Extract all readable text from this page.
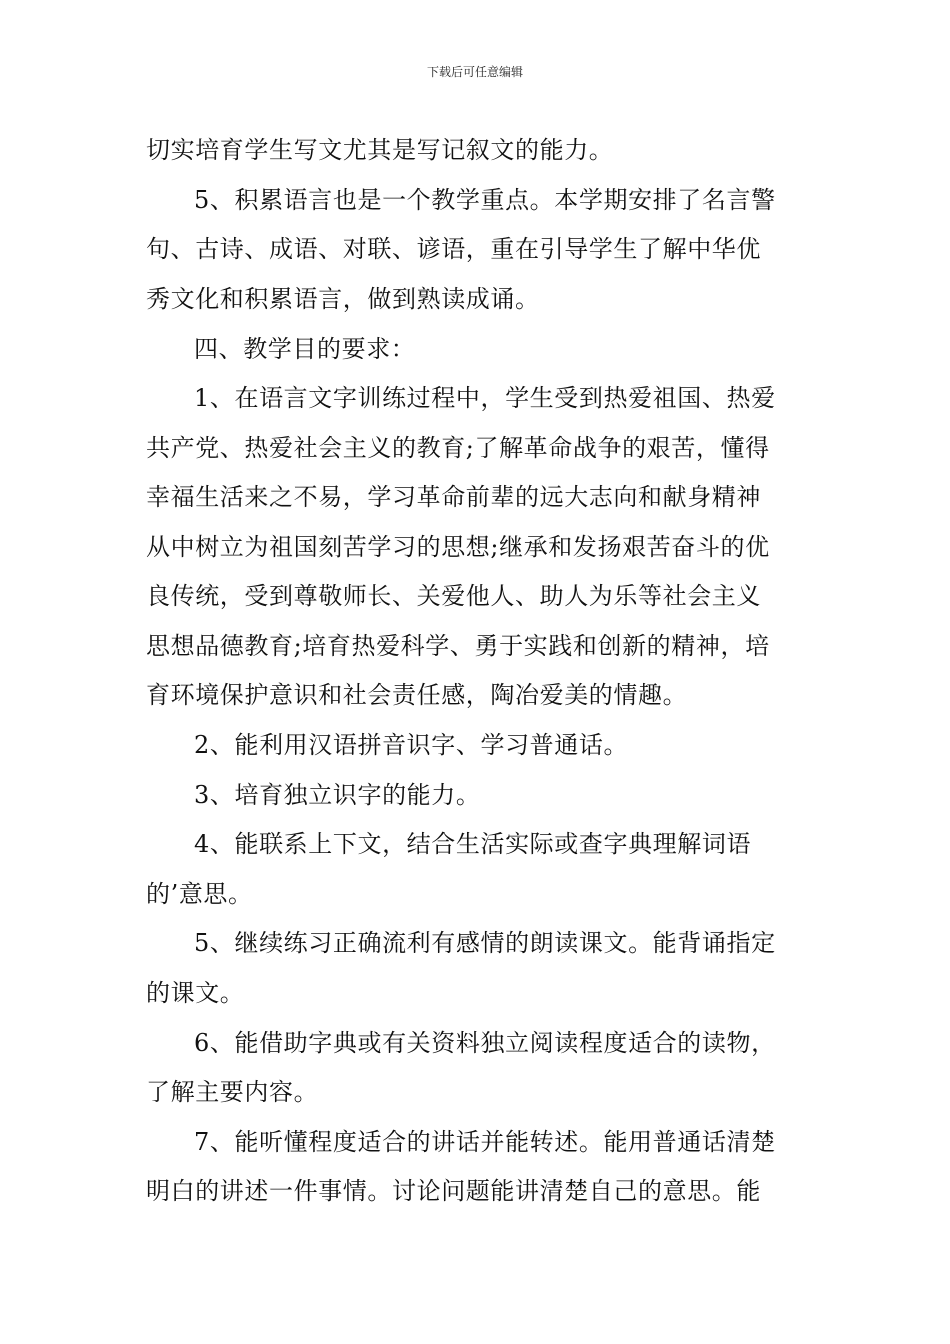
下载后可任意编辑
切实培育学生写文尤其是写记叙文的能力。
5、积累语言也是一个教学重点。本学期安排了名言警
句、古诗、成语、对联、谚语，重在引导学生了解中华优
秀文化和积累语言，做到熟读成诵。
四、教学目的要求：
1、在语言文字训练过程中，学生受到热爱祖国、热爱
共产党、热爱社会主义的教育;了解革命战争的艰苦，懂得
幸福生活来之不易，学习革命前辈的远大志向和献身精神
从中树立为祖国刻苦学习的思想;继承和发扬艰苦奋斗的优
良传统，受到尊敬师长、关爱他人、助人为乐等社会主义
思想品德教育;培育热爱科学、勇于实践和创新的精神，培
育环境保护意识和社会责任感，陶冶爱美的情趣。
2、能利用汉语拼音识字、学习普通话。
3、培育独立识字的能力。
4、能联系上下文，结合生活实际或查字典理解词语
的’意思。
5、继续练习正确流利有感情的朗读课文。能背诵指定
的课文。
6、能借助字典或有关资料独立阅读程度适合的读物，
了解主要内容。
7、能听懂程度适合的讲话并能转述。能用普通话清楚
明白的讲述一件事情。讨论问题能讲清楚自己的意思。能
